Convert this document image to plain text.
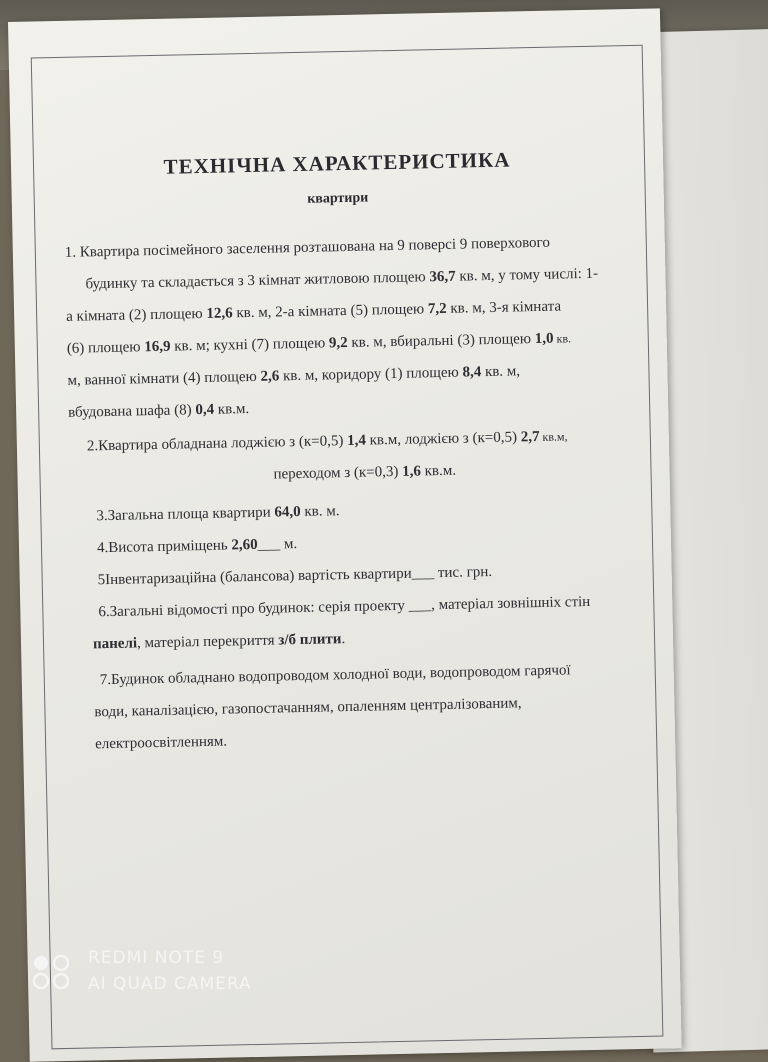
ТЕХНІЧНА ХАРАКТЕРИСТИКА
квартири
1. Квартира посімейного заселення розташована на 9 поверсі 9 поверхового
будинку та складається з 3 кімнат житловою площею 36,7 кв. м, у тому числі: 1-
а кімната (2) площею 12,6 кв. м, 2-а кімната (5) площею 7,2 кв. м, 3-я кімната
(6) площею 16,9 кв. м; кухні (7) площею 9,2 кв. м, вбиральні (3) площею 1,0 кв.
м, ванної кімнати (4) площею 2,6 кв. м, коридору (1) площею 8,4 кв. м,
вбудована шафа (8) 0,4 кв.м.
2.Квартира обладнана лоджією з (к=0,5) 1,4 кв.м, лоджією з (к=0,5) 2,7 кв.м,
переходом з (к=0,3) 1,6 кв.м.
3.Загальна площа квартири 64,0 кв. м.
4.Висота приміщень 2,60___ м.
5Інвентаризаційна (балансова) вартість квартири___ тис. грн.
6.Загальні відомості про будинок: серія проекту ___, матеріал зовнішніх стін
панелі, матеріал перекриття з/б плити.
7.Будинок обладнано водопроводом холодної води, водопроводом гарячої
води, каналізацією, газопостачанням, опаленням централізованим,
електроосвітленням.
REDMI NOTE 9
AI QUAD CAMERA
